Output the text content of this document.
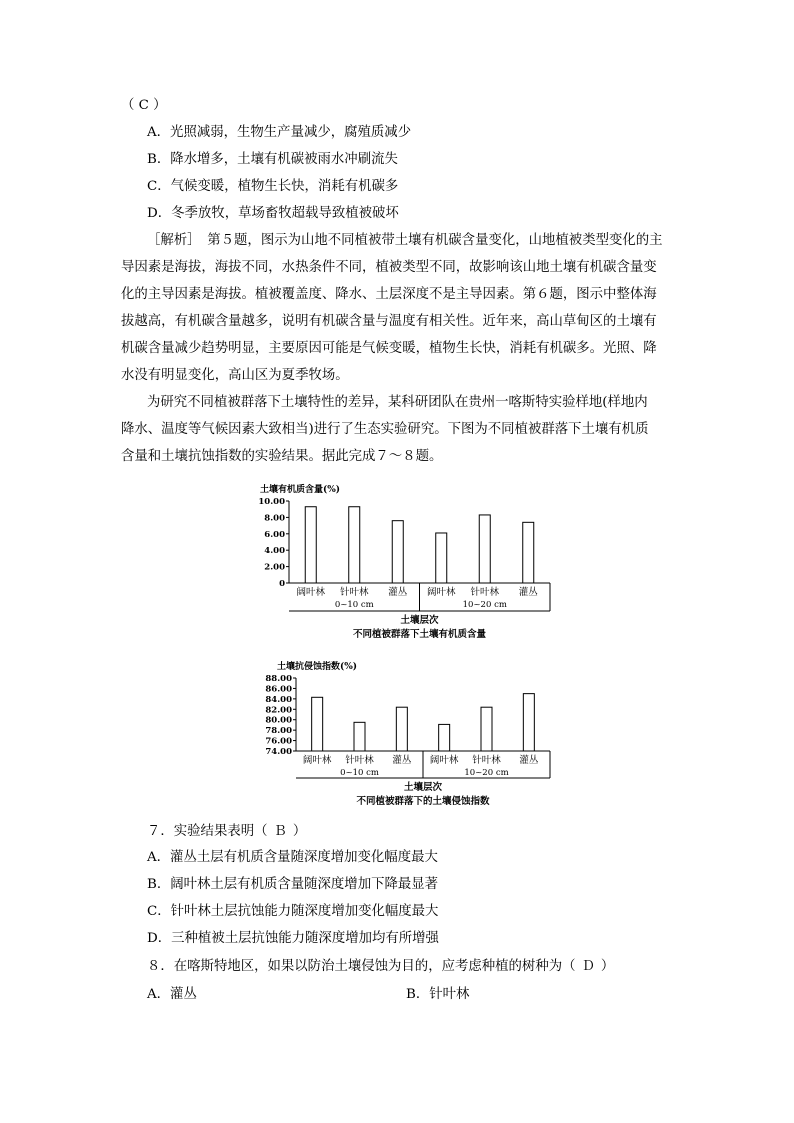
（ C ）
A．光照减弱，生物生产量减少，腐殖质减少
B．降水增多，土壤有机碳被雨水冲刷流失
C．气候变暖，植物生长快，消耗有机碳多
D．冬季放牧，草场畜牧超载导致植被破坏
［解析］　第５题，图示为山地不同植被带土壤有机碳含量变化，山地植被类型变化的主
导因素是海拔，海拔不同，水热条件不同，植被类型不同，故影响该山地土壤有机碳含量变
化的主导因素是海拔。植被覆盖度、降水、土层深度不是主导因素。第６题，图示中整体海
拔越高，有机碳含量越多，说明有机碳含量与温度有相关性。近年来，高山草甸区的土壤有
机碳含量减少趋势明显，主要原因可能是气候变暖，植物生长快，消耗有机碳多。光照、降
水没有明显变化，高山区为夏季牧场。
为研究不同植被群落下土壤特性的差异，某科研团队在贵州一喀斯特实验样地(样地内
降水、温度等气候因素大致相当)进行了生态实验研究。下图为不同植被群落下土壤有机质
含量和土壤抗蚀指数的实验结果。据此完成７～８题。
土壤有机质含量(%)
10.00
8.00
6.00
4.00
2.00
0
阔叶林 针叶林 灌丛 阔叶林 针叶林 灌丛
0~10 cm	10~20 cm
土壤层次
不同植被群落下土壤有机质含量
土壤抗侵蚀指数(%)
88.00
86.00
84.00
82.00
80.00
78.00
76.00
74.00
阔叶林 针叶林 灌丛 阔叶林 针叶林 灌丛
0~10 cm	10~20 cm
土壤层次
不同植被群落下的土壤侵蚀指数
７．实验结果表明（ Ｂ ）
A．灌丛土层有机质含量随深度增加变化幅度最大
B．阔叶林土层有机质含量随深度增加下降最显著
C．针叶林土层抗蚀能力随深度增加变化幅度最大
D．三种植被土层抗蚀能力随深度增加均有所增强
８．在喀斯特地区，如果以防治土壤侵蚀为目的，应考虑种植的树种为（ Ｄ ）
A．灌丛	B．针叶林
